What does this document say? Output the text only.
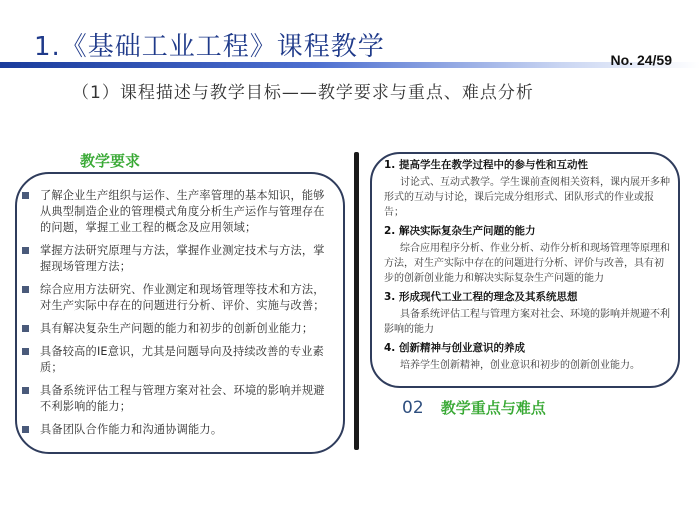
1.《基础工业工程》课程教学	No. 24/59
（1）课程描述与教学目标——教学要求与重点、难点分析
教学要求
了解企业生产组织与运作、生产率管理的基本知识，能够从典型制造企业的管理模式角度分析生产运作与管理存在的问题，掌握工业工程的概念及应用领域；
掌握方法研究原理与方法，掌握作业测定技术与方法，掌握现场管理方法；
综合应用方法研究、作业测定和现场管理等技术和方法，对生产实际中存在的问题进行分析、评价、实施与改善；
具有解决复杂生产问题的能力和初步的创新创业能力；
具备较高的IE意识，尤其是问题导向及持续改善的专业素质；
具备系统评估工程与管理方案对社会、环境的影响并规避不利影响的能力；
具备团队合作能力和沟通协调能力。

1. 提高学生在教学过程中的参与性和互动性

讨论式、互动式教学。学生课前查阅相关资料，课内展开多种形式的互动与讨论，课后完成分组形式、团队形式的作业或报告；

2. 解决实际复杂生产问题的能力

综合应用程序分析、作业分析、动作分析和现场管理等原理和方法，对生产实际中存在的问题进行分析、评价与改善，具有初步的创新创业能力和解决实际复杂生产问题的能力

3. 形成现代工业工程的理念及其系统思想

具备系统评估工程与管理方案对社会、环境的影响并规避不利影响的能力

4. 创新精神与创业意识的养成

培养学生创新精神，创业意识和初步的创新创业能力。

02 教学重点与难点
